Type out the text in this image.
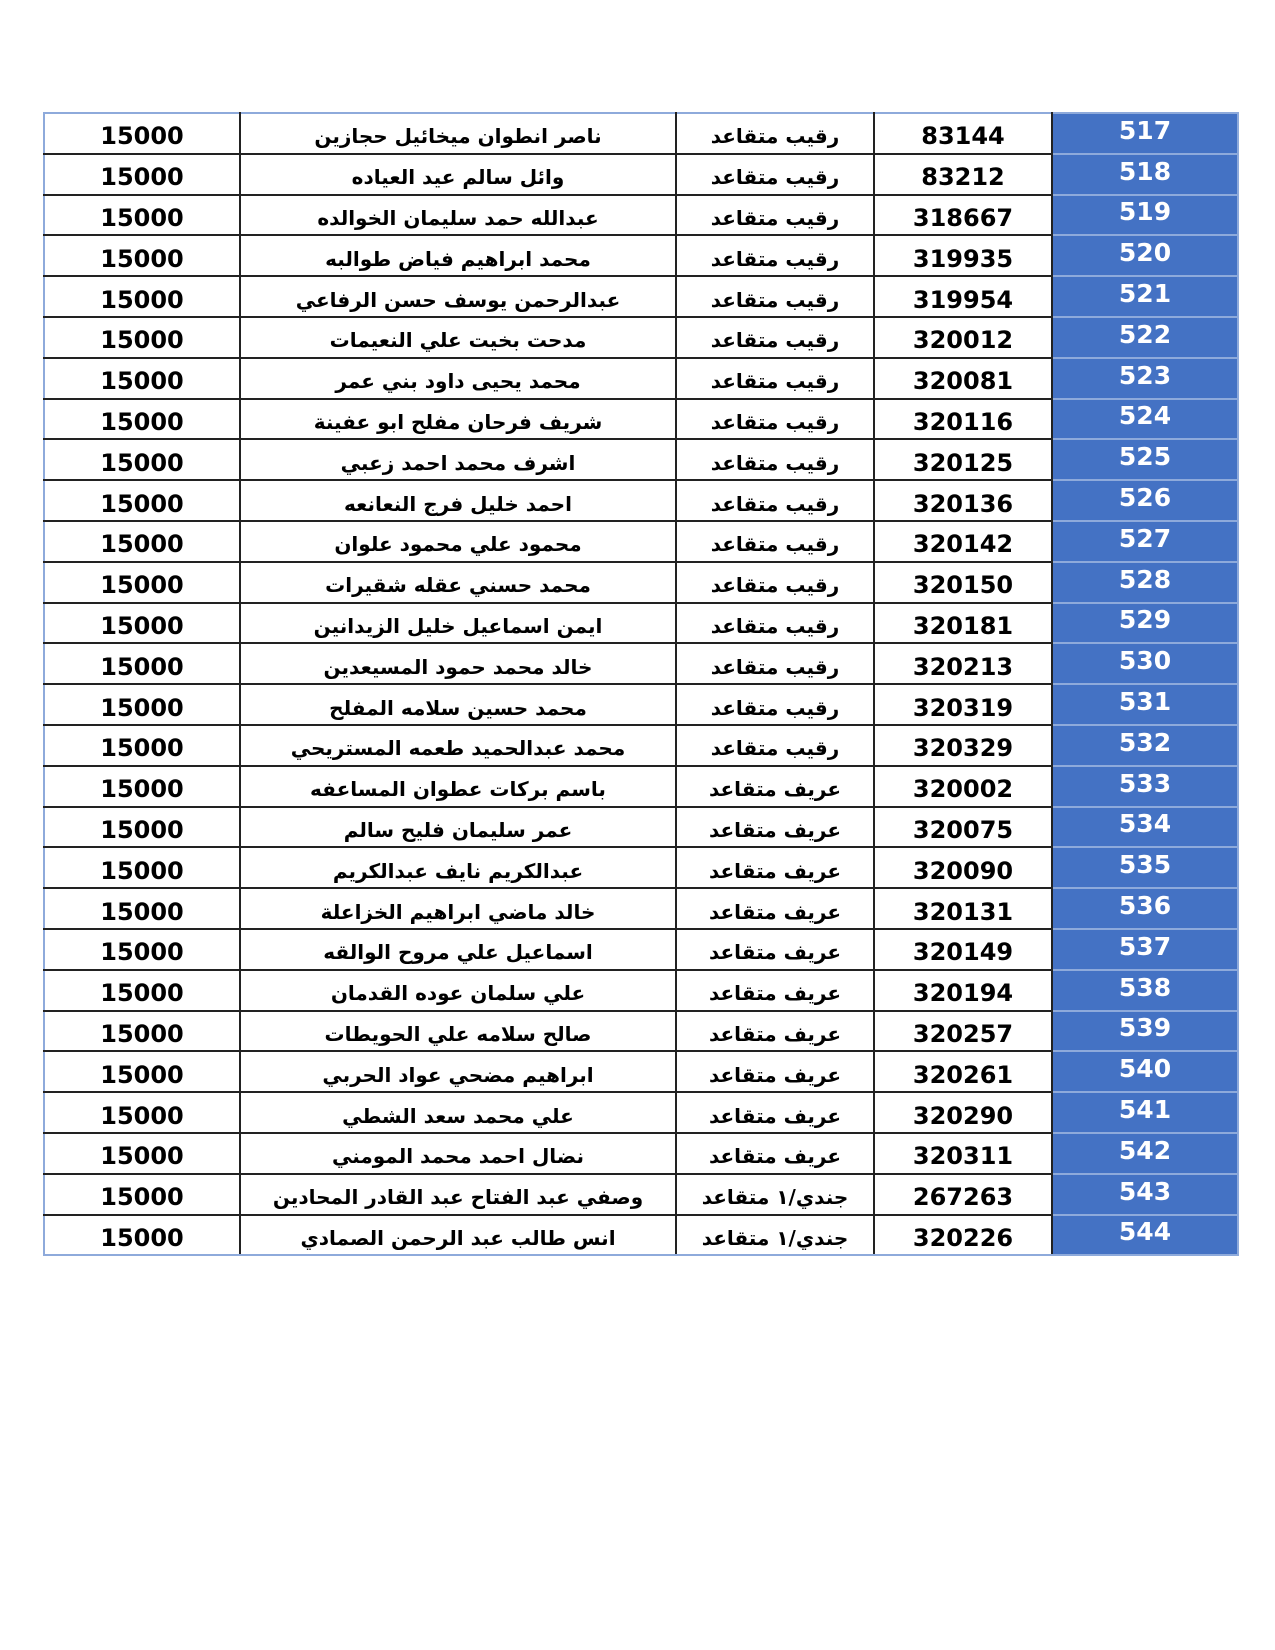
15000	ناصر انطوان ميخائيل حجازين	رقيب متقاعد	83144	517
15000	وائل سالم عيد العياده	رقيب متقاعد	83212	518
15000	عبدالله حمد سليمان الخوالده	رقيب متقاعد	318667	519
15000	محمد ابراهيم فياض طوالبه	رقيب متقاعد	319935	520
15000	عبدالرحمن يوسف حسن الرفاعي	رقيب متقاعد	319954	521
15000	مدحت بخيت علي النعيمات	رقيب متقاعد	320012	522
15000	محمد يحيى داود بني عمر	رقيب متقاعد	320081	523
15000	شريف فرحان مفلح ابو عفينة	رقيب متقاعد	320116	524
15000	اشرف محمد احمد زعبي	رقيب متقاعد	320125	525
15000	احمد خليل فرج النعانعه	رقيب متقاعد	320136	526
15000	محمود علي محمود علوان	رقيب متقاعد	320142	527
15000	محمد حسني عقله شقيرات	رقيب متقاعد	320150	528
15000	ايمن اسماعيل خليل الزيدانين	رقيب متقاعد	320181	529
15000	خالد محمد حمود المسيعدين	رقيب متقاعد	320213	530
15000	محمد حسين سلامه المفلح	رقيب متقاعد	320319	531
15000	محمد عبدالحميد طعمه المستريحي	رقيب متقاعد	320329	532
15000	باسم بركات عطوان المساعفه	عريف متقاعد	320002	533
15000	عمر سليمان فليح سالم	عريف متقاعد	320075	534
15000	عبدالكريم نايف عبدالكريم	عريف متقاعد	320090	535
15000	خالد ماضي ابراهيم الخزاعلة	عريف متقاعد	320131	536
15000	اسماعيل علي مروح الوالقه	عريف متقاعد	320149	537
15000	علي سلمان عوده القدمان	عريف متقاعد	320194	538
15000	صالح سلامه علي الحويطات	عريف متقاعد	320257	539
15000	ابراهيم مضحي عواد الحربي	عريف متقاعد	320261	540
15000	علي محمد سعد الشطي	عريف متقاعد	320290	541
15000	نضال احمد محمد المومني	عريف متقاعد	320311	542
15000	وصفي عبد الفتاح عبد القادر المحادين	جندي/١ متقاعد	267263	543
15000	انس طالب عبد الرحمن الصمادي	جندي/١ متقاعد	320226	544
